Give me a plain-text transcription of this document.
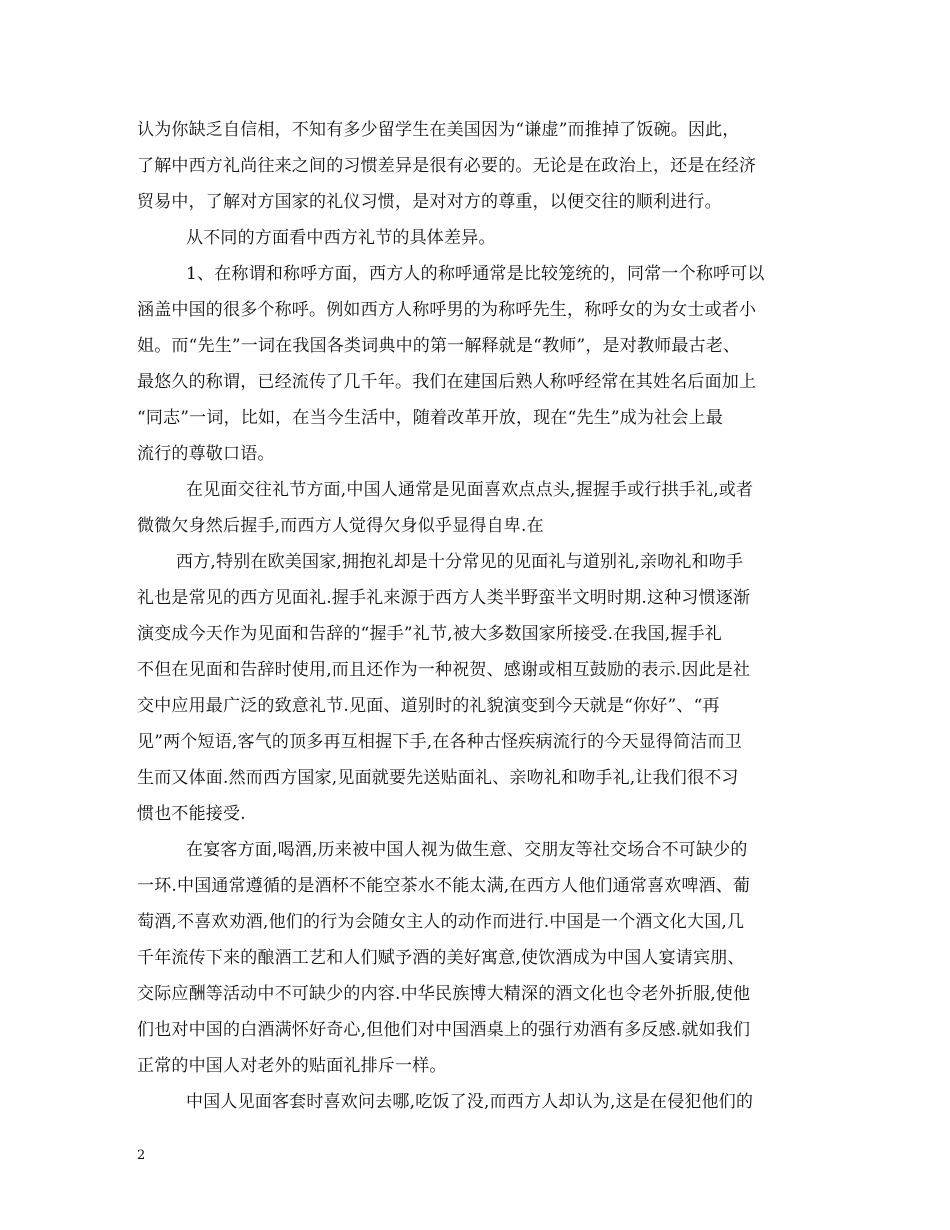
认为你缺乏自信相，不知有多少留学生在美国因为“谦虚”而推掉了饭碗。因此，
了解中西方礼尚往来之间的习惯差异是很有必要的。无论是在政治上，还是在经济
贸易中，了解对方国家的礼仪习惯，是对对方的尊重，以便交往的顺利进行。
从不同的方面看中西方礼节的具体差异。
1、在称谓和称呼方面，西方人的称呼通常是比较笼统的，同常一个称呼可以
涵盖中国的很多个称呼。例如西方人称呼男的为称呼先生，称呼女的为女士或者小
姐。而“先生”一词在我国各类词典中的第一解释就是“教师”，是对教师最古老、
最悠久的称谓，已经流传了几千年。我们在建国后熟人称呼经常在其姓名后面加上
“同志”一词，比如，在当今生活中，随着改革开放，现在“先生”成为社会上最
流行的尊敬口语。
在见面交往礼节方面,中国人通常是见面喜欢点点头,握握手或行拱手礼,或者
微微欠身然后握手,而西方人觉得欠身似乎显得自卑.在
西方,特别在欧美国家,拥抱礼却是十分常见的见面礼与道别礼,亲吻礼和吻手
礼也是常见的西方见面礼.握手礼来源于西方人类半野蛮半文明时期.这种习惯逐渐
演变成今天作为见面和告辞的“握手”礼节,被大多数国家所接受.在我国,握手礼
不但在见面和告辞时使用,而且还作为一种祝贺、感谢或相互鼓励的表示.因此是社
交中应用最广泛的致意礼节.见面、道别时的礼貌演变到今天就是“你好”、“再
见”两个短语,客气的顶多再互相握下手,在各种古怪疾病流行的今天显得简洁而卫
生而又体面.然而西方国家,见面就要先送贴面礼、亲吻礼和吻手礼,让我们很不习
惯也不能接受.
在宴客方面,喝酒,历来被中国人视为做生意、交朋友等社交场合不可缺少的
一环.中国通常遵循的是酒杯不能空茶水不能太满,在西方人他们通常喜欢啤酒、葡
萄酒,不喜欢劝酒,他们的行为会随女主人的动作而进行.中国是一个酒文化大国,几
千年流传下来的酿酒工艺和人们赋予酒的美好寓意,使饮酒成为中国人宴请宾朋、
交际应酬等活动中不可缺少的内容.中华民族博大精深的酒文化也令老外折服,使他
们也对中国的白酒满怀好奇心,但他们对中国酒桌上的强行劝酒有多反感.就如我们
正常的中国人对老外的贴面礼排斥一样。
中国人见面客套时喜欢问去哪,吃饭了没,而西方人却认为,这是在侵犯他们的
2
